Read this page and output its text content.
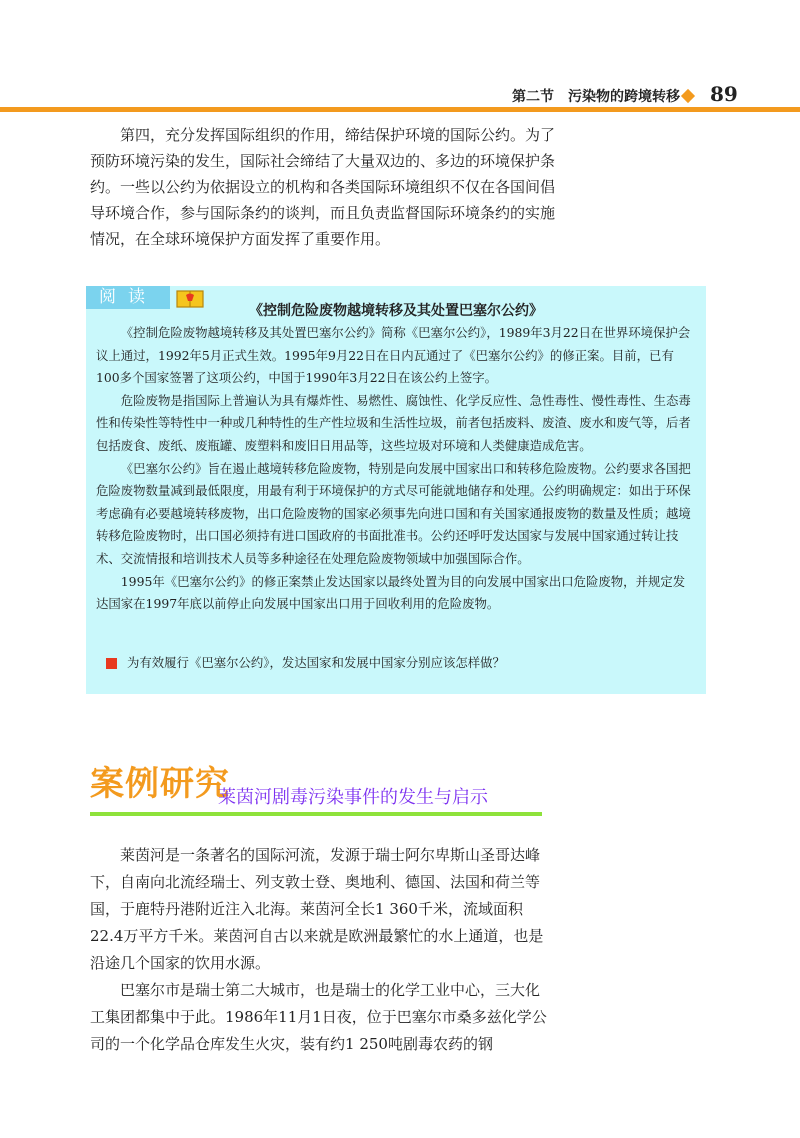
第二节　污染物的跨境转移 89

第四，充分发挥国际组织的作用，缔结保护环境的国际公约。为了预防环境污染的发生，国际社会缔结了大量双边的、多边的环境保护条约。一些以公约为依据设立的机构和各类国际环境组织不仅在各国间倡导环境合作，参与国际条约的谈判，而且负责监督国际环境条约的实施情况，在全球环境保护方面发挥了重要作用。

阅读
《控制危险废物越境转移及其处置巴塞尔公约》

《控制危险废物越境转移及其处置巴塞尔公约》简称《巴塞尔公约》，1989年3月22日在世界环境保护会议上通过，1992年5月正式生效。1995年9月22日在日内瓦通过了《巴塞尔公约》的修正案。目前，已有100多个国家签署了这项公约，中国于1990年3月22日在该公约上签字。

危险废物是指国际上普遍认为具有爆炸性、易燃性、腐蚀性、化学反应性、急性毒性、慢性毒性、生态毒性和传染性等特性中一种或几种特性的生产性垃圾和生活性垃圾，前者包括废料、废渣、废水和废气等，后者包括废食、废纸、废瓶罐、废塑料和废旧日用品等，这些垃圾对环境和人类健康造成危害。

《巴塞尔公约》旨在遏止越境转移危险废物，特别是向发展中国家出口和转移危险废物。公约要求各国把危险废物数量减到最低限度，用最有利于环境保护的方式尽可能就地储存和处理。公约明确规定：如出于环保考虑确有必要越境转移废物，出口危险废物的国家必须事先向进口国和有关国家通报废物的数量及性质；越境转移危险废物时，出口国必须持有进口国政府的书面批准书。公约还呼吁发达国家与发展中国家通过转让技术、交流情报和培训技术人员等多种途径在处理危险废物领域中加强国际合作。

1995年《巴塞尔公约》的修正案禁止发达国家以最终处置为目的向发展中国家出口危险废物，并规定发达国家在1997年底以前停止向发展中国家出口用于回收利用的危险废物。

为有效履行《巴塞尔公约》，发达国家和发展中国家分别应该怎样做？
案例研究
莱茵河剧毒污染事件的发生与启示

莱茵河是一条著名的国际河流，发源于瑞士阿尔卑斯山圣哥达峰下，自南向北流经瑞士、列支敦士登、奥地利、德国、法国和荷兰等国，于鹿特丹港附近注入北海。莱茵河全长1 360千米，流域面积22.4万平方千米。莱茵河自古以来就是欧洲最繁忙的水上通道，也是沿途几个国家的饮用水源。

巴塞尔市是瑞士第二大城市，也是瑞士的化学工业中心，三大化工集团都集中于此。1986年11月1日夜，位于巴塞尔市桑多兹化学公司的一个化学品仓库发生火灾，装有约1 250吨剧毒农药的钢
